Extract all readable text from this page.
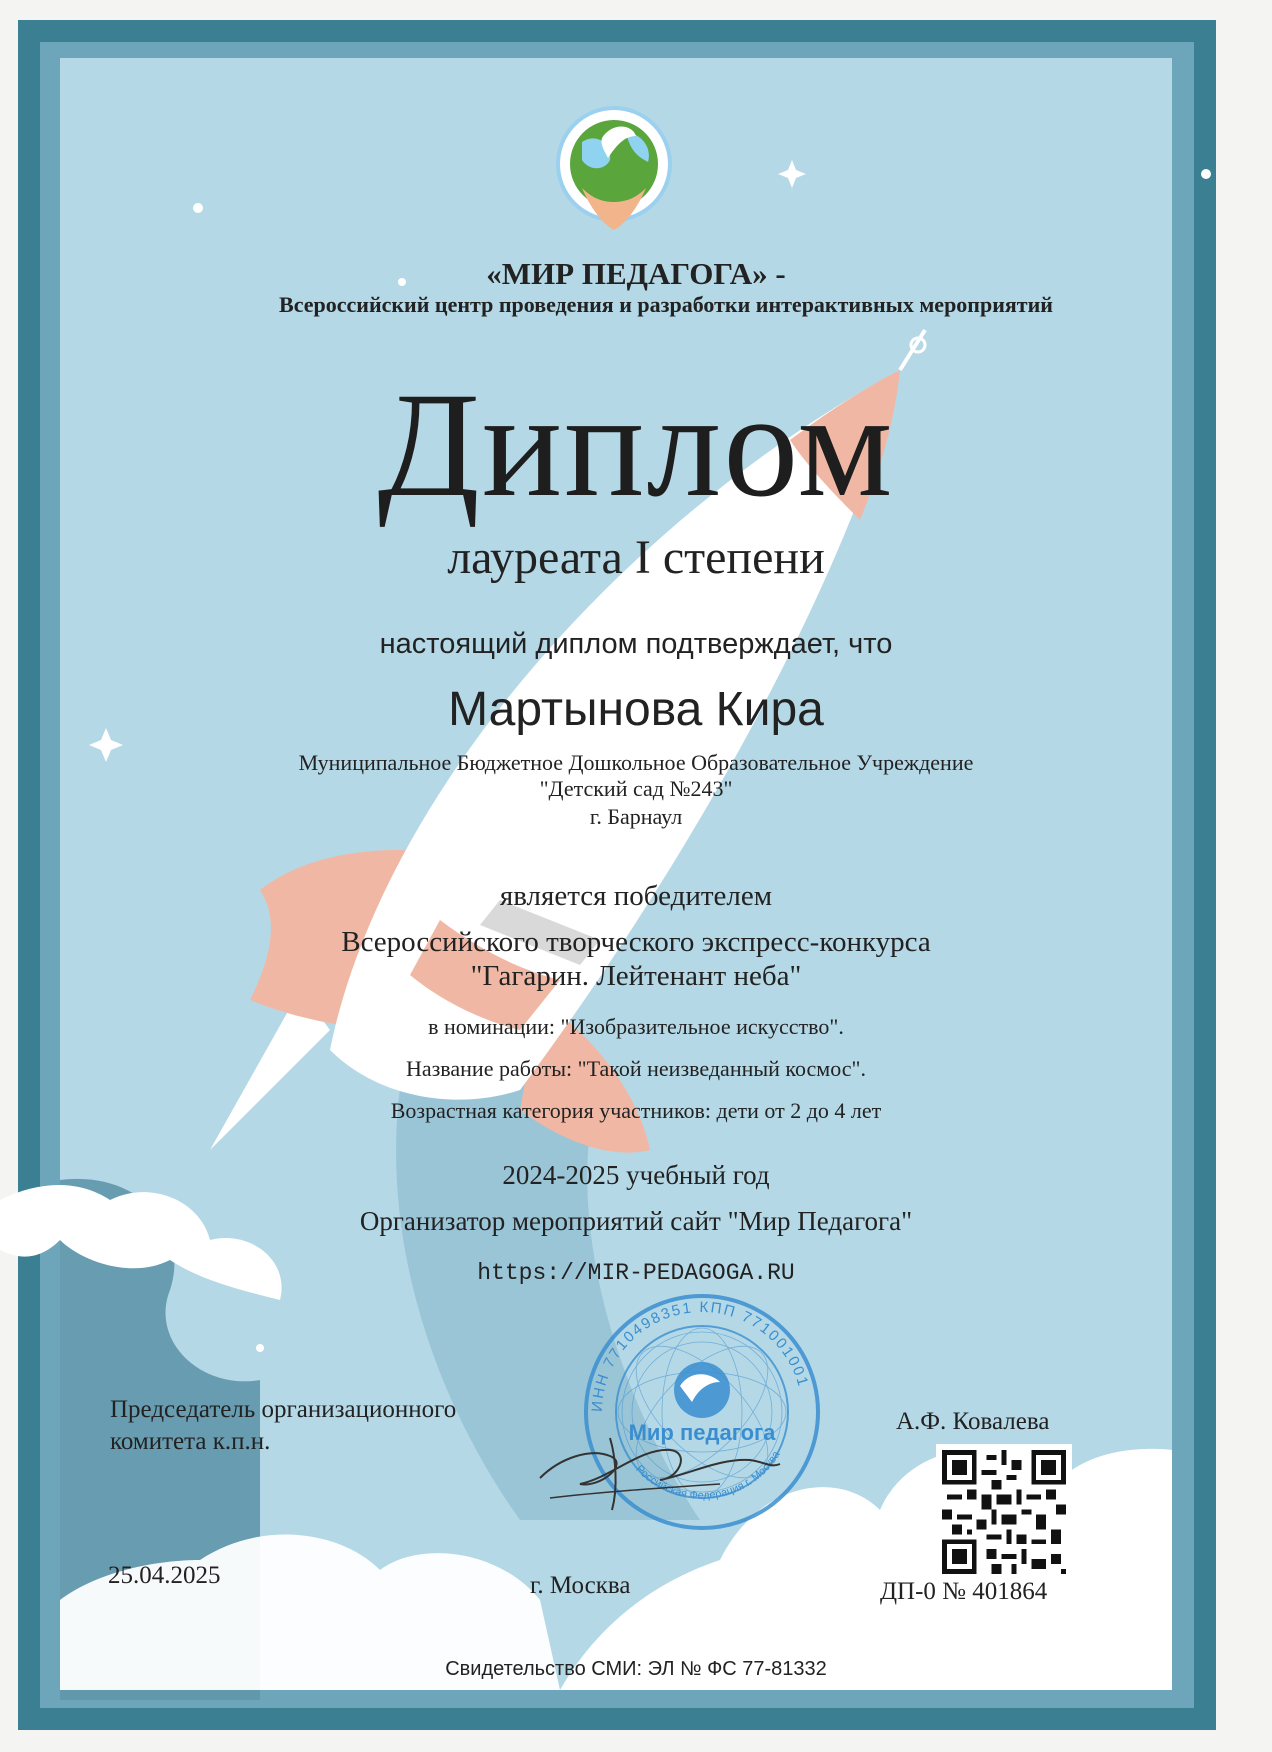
«МИР ПЕДАГОГА» -
Всероссийский центр проведения и разработки интерактивных мероприятий
Диплом
лауреата I степени
настоящий диплом подтверждает, что
Мартынова Кира
Муниципальное Бюджетное Дошкольное Образовательное Учреждение
"Детский сад №243"
г. Барнаул
является победителем
Всероссийского творческого экспресс-конкурса
"Гагарин. Лейтенант неба"
в номинации: "Изобразительное искусство".
Название работы: "Такой неизведанный космос".
Возрастная категория участников: дети от 2 до 4 лет
2024-2025 учебный год
Организатор мероприятий сайт "Мир Педагога"
https://MIR-PEDAGOGA.RU
ИНН 7710498351 КПП 771001001
Мир педагога
Российская Федерация г. Москва
Председатель организационного
комитета к.п.н.
А.Ф. Ковалева
25.04.2025	г. Москва	ДП-0 № 401864
Свидетельство СМИ: ЭЛ № ФС 77-81332
